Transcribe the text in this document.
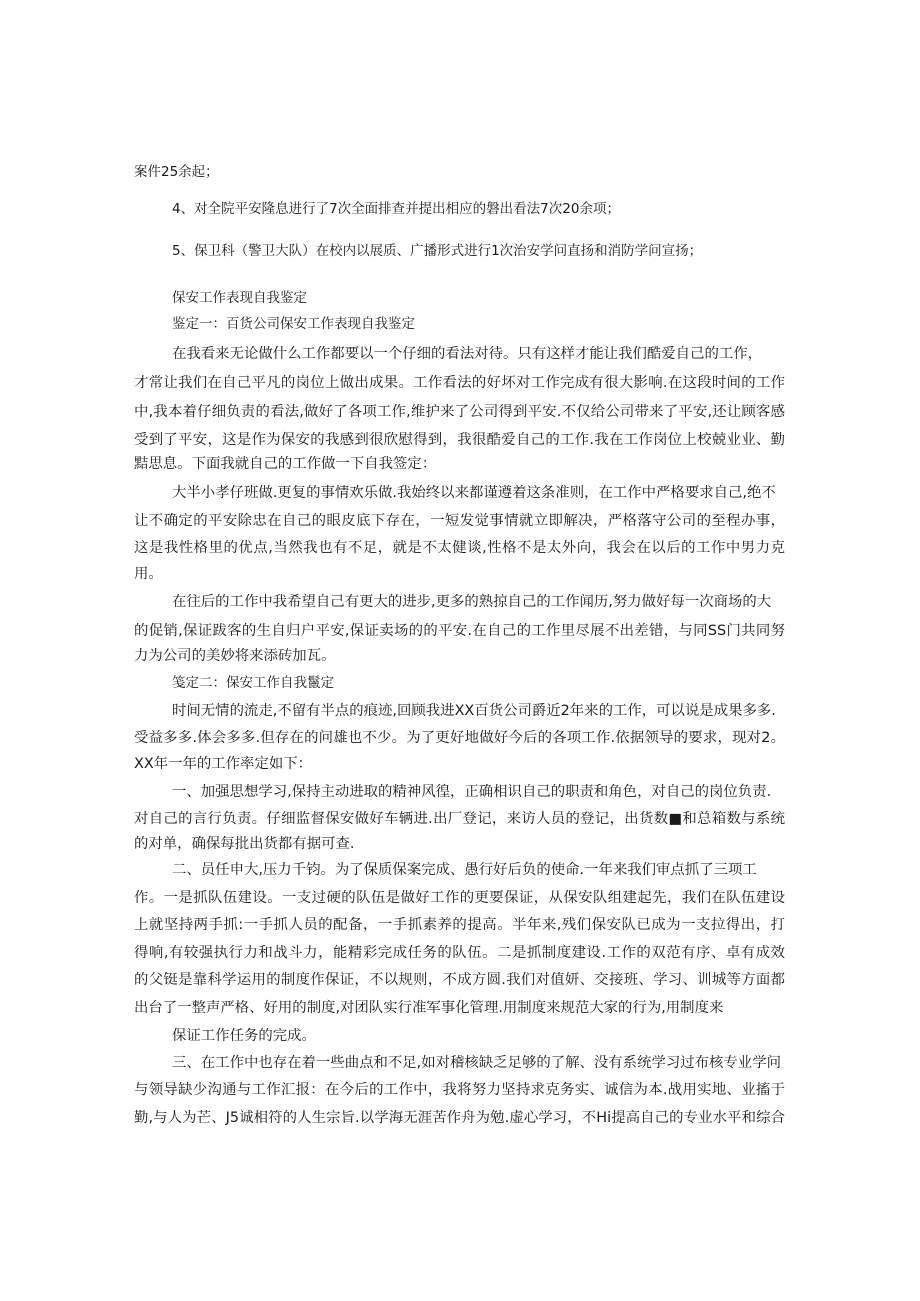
案件25余起；

4、对全院平安隆息进行了7次全面排查并提出相应的磐出看法7次20余项；

5、保卫科（警卫大队）在校内以展质、广播形式进行1次治安学问直扬和消防学问宣扬；

保安工作表现自我鉴定

鉴定一：百货公司保安工作表现自我鉴定

在我看来无论做什么工作都要以一个仔细的看法对待。只有这样才能让我们酷爱自己的工作，

才常让我们在自己平凡的岗位上做出成果。工作看法的好坏对工作完成有很大影响.在这段时间的工作

中,我本着仔细负责的看法,做好了各项工作,维护来了公司得到平安.不仅给公司带来了平安,还让顾客感

受到了平安，这是作为保安的我感到很欣慰得到，我很酷爱自己的工作.我在工作岗位上校兢业业、勤

黠思息。下面我就自己的工作做一下自我签定：

大半小孝仔班做.更复的事情欢乐做.我始终以来都谨遵着这条准则，在工作中严格要求自己,绝不

让不确定的平安除忠在自己的眼皮底下存在，一短发觉事情就立即解决，严格落守公司的至程办事，

这是我性格里的优点,当然我也有不足，就是不太健谈,性格不是太外向，我会在以后的工作中男力克

用。

在往后的工作中我希望自己有更大的进步,更多的熟掠自己的工作闻历,努力做好每一次商场的大

的促销,保证跋客的生自归户平安,保证卖场的的平安.在自己的工作里尽展不出差错，与同SS门共同努

力为公司的美妙将来添砖加瓦。

笺定二：保安工作自我鬣定

时间无情的流走,不留有半点的痕迹,回顾我进XX百货公司爵近2年来的工作，可以说是成果多多.

受益多多.体会多多.但存在的问雄也不少。为了更好地做好今后的各项工作.依据领导的要求，现对2。

XX年一年的工作率定如下：

一、加强思想学习,保持主动进取的精神风徨，正确相识自己的职责和角色，对自己的岗位负责.

对自己的言行负责。仔细监督保安做好车辆进.出厂登记，来访人员的登记，出货数■和总箱数与系统

的对单，确保每批出货都有据可查.

二、员任申大,压力千钧。为了保质保案完成、愚行好后负的使命.一年来我们审点抓了三项工

作。一是抓队伍建设。一支过硬的队伍是做好工作的更要保证，从保安队组建起先，我们在队伍建设

上就坚持两手抓:一手抓人员的配备，一手抓素养的提高。半年来,残们保安队已成为一支拉得出，打

得响,有较强执行力和战斗力，能精彩完成任务的队伍。二是抓制度建设.工作的双范有序、卓有成效

的父铤是靠科学运用的制度作保证，不以规则，不成方圆.我们对值妍、交接班、学习、训城等方面都

出台了一整声严格、好用的制度,对团队实行准军事化管理.用制度来规范大家的行为,用制度来

保证工作任务的完成。

三、在工作中也存在着一些曲点和不足,如对稽核缺乏足够的了解、没有系统学习过布核专业学问

与领导缺少沟通与工作汇报：在今后的工作中，我将努力坚持求克务实、诚信为本.战用实地、业搐于

勤,与人为芒、J5诚相符的人生宗旨.以学海无涯苦作舟为勉.虚心学习，不Hi提高自己的专业水平和综合
